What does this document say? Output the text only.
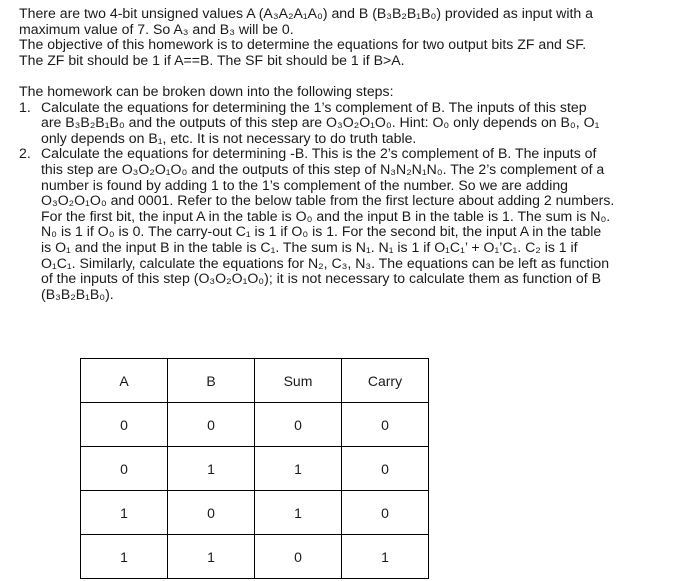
There are two 4-bit unsigned values A (A₃A₂A₁A₀) and B (B₃B₂B₁B₀) provided as input with a

maximum value of 7. So A₃ and B₃ will be 0.

The objective of this homework is to determine the equations for two output bits ZF and SF.

The ZF bit should be 1 if A==B. The SF bit should be 1 if B>A.

The homework can be broken down into the following steps:

1. Calculate the equations for determining the 1’s complement of B. The inputs of this step
are B₃B₂B₁B₀ and the outputs of this step are O₃O₂O₁O₀. Hint: O₀ only depends on B₀, O₁
only depends on B₁, etc. It is not necessary to do truth table.
2. Calculate the equations for determining -B. This is the 2’s complement of B. The inputs of
this step are O₃O₂O₁O₀ and the outputs of this step of N₃N₂N₁N₀. The 2’s complement of a
number is found by adding 1 to the 1’s complement of the number. So we are adding
O₃O₂O₁O₀ and 0001. Refer to the below table from the first lecture about adding 2 numbers.
For the first bit, the input A in the table is O₀ and the input B in the table is 1. The sum is N₀.
N₀ is 1 if O₀ is 0. The carry-out C₁ is 1 if O₀ is 1. For the second bit, the input A in the table
is O₁ and the input B in the table is C₁. The sum is N₁. N₁ is 1 if O₁C₁’ + O₁’C₁. C₂ is 1 if
O₁C₁. Similarly, calculate the equations for N₂, C₃, N₃. The equations can be left as function
of the inputs of this step (O₃O₂O₁O₀); it is not necessary to calculate them as function of B
(B₃B₂B₁B₀).
A	B	Sum	Carry
0	0	0	0
0	1	1	0
1	0	1	0
1	1	0	1
